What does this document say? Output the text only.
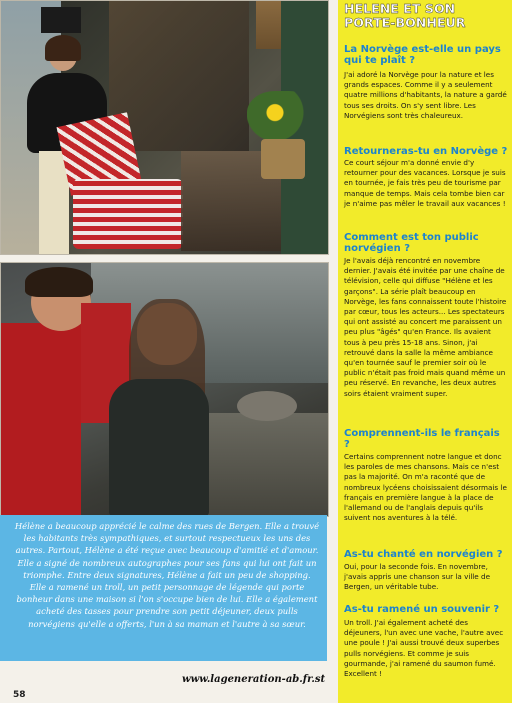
Hélène a beaucoup apprécié le calme des rues de Bergen. Elle a trouvé les habitants très sympathiques, et surtout respectueux les uns des autres. Partout, Hélène a été reçue avec beaucoup d'amitié et d'amour. Elle a signé de nombreux autographes pour ses fans qui lui ont fait un triomphe. Entre deux signatures, Hélène a fait un peu de shopping. Elle a ramené un troll, un petit personnage de légende qui porte bonheur dans une maison si l'on s'occupe bien de lui. Elle a également acheté des tasses pour prendre son petit déjeuner, deux pulls norvégiens qu'elle a offerts, l'un à sa maman et l'autre à sa sœur.
HELENE ET SON
PORTE-BONHEUR
La Norvège est-elle un pays qui te plaît ?
J'ai adoré la Norvège pour la nature et les grands espaces. Comme il y a seulement quatre millions d'habitants, la nature a gardé tous ses droits. On s'y sent libre. Les Norvégiens sont très chaleureux.
Retourneras-tu en Norvège ?
Ce court séjour m'a donné envie d'y retourner pour des vacances. Lorsque je suis en tournée, je fais très peu de tourisme par manque de temps. Mais cela tombe bien car je n'aime pas mêler le travail aux vacances !
Comment est ton public norvégien ?
Je l'avais déjà rencontré en novembre dernier. J'avais été invitée par une chaîne de télévision, celle qui diffuse "Hélène et les garçons". La série plaît beaucoup en Norvège, les fans connaissent toute l'histoire par cœur, tous les acteurs... Les spectateurs qui ont assisté au concert me paraissent un peu plus "âgés" qu'en France. Ils avaient tous à peu près 15-18 ans. Sinon, j'ai retrouvé dans la salle la même ambiance qu'en tournée sauf le premier soir où le public n'était pas froid mais quand même un peu réservé. En revanche, les deux autres soirs étaient vraiment super.
Comprennent-ils le français ?
Certains comprennent notre langue et donc les paroles de mes chansons. Mais ce n'est pas la majorité. On m'a raconté que de nombreux lycéens choisissaient désormais le français en première langue à la place de l'allemand ou de l'anglais depuis qu'ils suivent nos aventures à la télé.
As-tu chanté en norvégien ?
Oui, pour la seconde fois. En novembre, j'avais appris une chanson sur la ville de Bergen, un véritable tube.
As-tu ramené un souvenir ?
Un troll. J'ai également acheté des déjeuners, l'un avec une vache, l'autre avec une poule ! J'ai aussi trouvé deux superbes pulls norvégiens. Et comme je suis gourmande, j'ai ramené du saumon fumé. Excellent !
www.lageneration-ab.fr.st
58
